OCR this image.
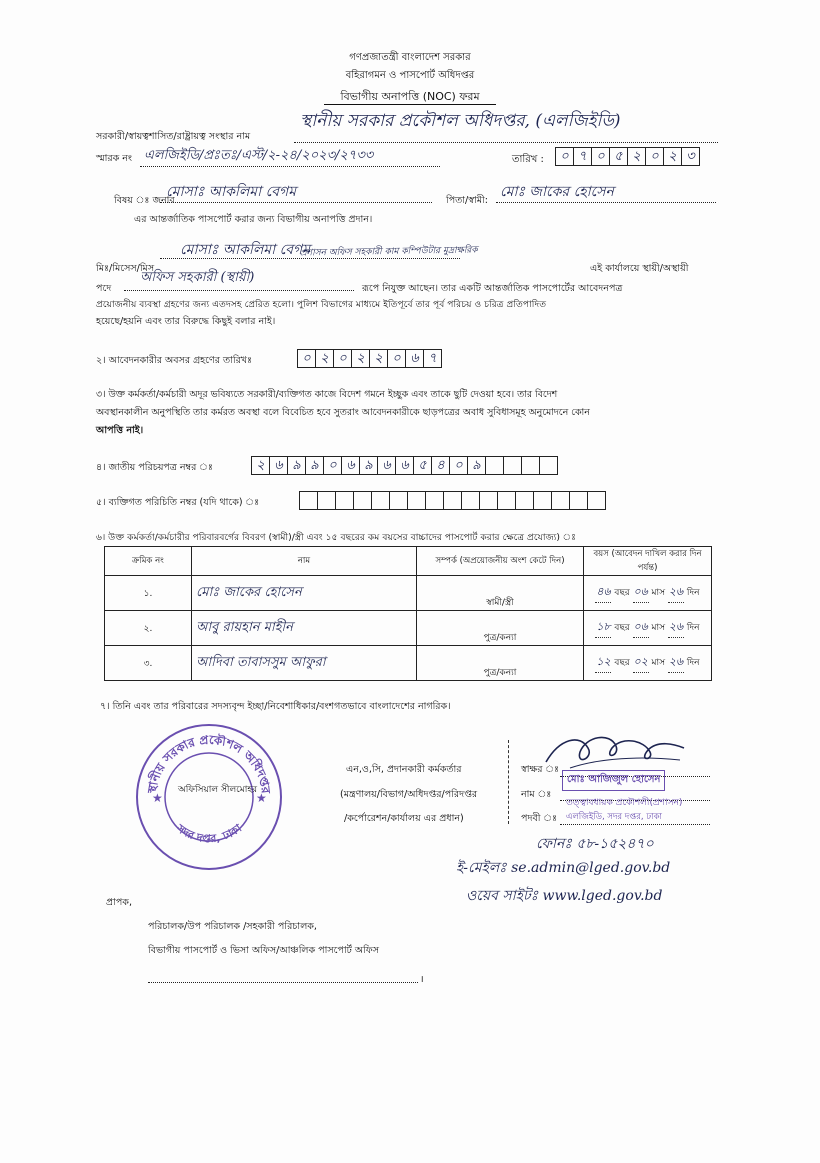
গণপ্রজাতন্ত্রী বাংলাদেশ সরকার
বহিরাগমন ও পাসপোর্ট অধিদপ্তর
বিভাগীয় অনাপত্তি (NOC) ফরম
সরকারী/স্বায়ত্বশাসিত/রাষ্ট্রায়ত্ব সংস্থার নাম
স্থানীয় সরকার প্রকৌশল অধিদপ্তর, (এলজিইডি)
স্মারক নং এলজিইডি/প্রঃতঃ/এস্ট/২-২৪/২০২৩/২৭৩৩	তারিখ :	০ ৭ ০ ৫ ২ ০ ২ ৩
বিষয় ঃ জনাব
মোসাঃ আকলিমা বেগম
পিতা/স্বামী:
মোঃ জাকের হোসেন
এর আন্তর্জাতিক পাসপোর্ট করার জন্য বিভাগীয় অনাপত্তি প্রদান।
মিঃ/মিসেস/মিস
মোসাঃ আকলিমা বেগম
প্রশাসন অফিস সহকারী কাম কম্পিউটার মুদ্রাক্ষরিক
এই কার্যালয়ে স্থায়ী/অস্থায়ী
পদে
অফিস সহকারী (স্থায়ী)
রূপে নিযুক্ত আছেন। তার একটি আন্তর্জাতিক পাসপোর্টের আবেদনপত্র
প্রয়োজনীয় ব্যবস্থা গ্রহণের জন্য এতদসহ প্রেরিত হলো। পুলিশ বিভাগের মাধ্যমে ইতিপূর্বে তার পূর্ব পরিচয় ও চরিত্র প্রতিপাদিত
হয়েছে/হয়নি এবং তার বিরুদ্ধে কিছুই বলার নাই।
২। আবেদনকারীর অবসর গ্রহণের তারিখঃ	০ ২ ০ ২ ২ ০ ৬ ৭
৩। উক্ত কর্মকর্তা/কর্মচারী অদূর ভবিষ্যতে সরকারী/ব্যক্তিগত কাজে বিদেশ গমনে ইচ্ছুক এবং তাকে ছুটি দেওয়া হবে। তার বিদেশ
অবস্থানকালীন অনুপস্থিতি তার কর্মরত অবস্থা বলে বিবেচিত হবে সুতরাং আবেদনকারীকে ছাড়পত্রের অবাধ সুবিধাসমূহ অনুমোদনে কোন
আপত্তি নাই।
৪। জাতীয় পরিচয়পত্র নম্বর ঃ	২ ৬ ৯ ৯ ০ ৬ ৯ ৬ ৬ ৫ ৪ ০ ৯
৫। ব্যক্তিগত পরিচিতি নম্বর (যদি থাকে) ঃ
৬। উক্ত কর্মকর্তা/কর্মচারীর পরিবারবর্গের বিবরণ (স্বামী)/স্ত্রী এবং ১৫ বছরের কম বয়সের বাচ্চাদের পাসপোর্ট করার ক্ষেত্রে প্রযোজ্য) ঃ
ক্রমিক নং	নাম	সম্পর্ক (অপ্রয়োজনীয় অংশ কেটে দিন)	বয়স (আবেদন দাখিল করার দিন পর্যন্ত)
১.	মোঃ জাকের হোসেন	স্বামী/স্ত্রী	৪৬ বছর ০৬ মাস ২৬ দিন
২.	আবু রায়হান মাহীন	পুত্র/কন্যা	১৮ বছর ০৬ মাস ২৬ দিন
৩.	আদিবা তাবাসসুম আফুরা	পুত্র/কন্যা	১২ বছর ০২ মাস ২৬ দিন
৭। তিনি এবং তার পরিবারের সদস্যবৃন্দ ইচ্ছা/নিবেশাধিকার/বংশগতভাবে বাংলাদেশের নাগরিক।
স্থানীয় সরকার প্রকৌশল অধিদপ্তর
সদর দপ্তর, ঢাকা
★	★
অফিসিয়াল সীলমোহর
এন,ও,সি, প্রদানকারী কর্মকর্তার
(মন্ত্রণালয়/বিভাগ/অধিদপ্তর/পরিদপ্তর
/কর্পোরেশন/কার্যালয় এর প্রধান)
স্বাক্ষর ঃ
নাম ঃ
পদবী ঃ
মোঃ আজিজুল হোসেন
তত্ত্বাবধায়ক প্রকৌশলী(প্রশাসন)
এলজিইডি, সদর দপ্তর, ঢাকা
ফোনঃ ৫৮-১৫২৪৭০
ই-মেইলঃ se.admin@lged.gov.bd
ওয়েব সাইটঃ www.lged.gov.bd
প্রাপক,
পরিচালক/উপ পরিচালক /সহকারী পরিচালক,
বিভাগীয় পাসপোর্ট ও ভিসা অফিস/আঞ্চলিক পাসপোর্ট অফিস
।
